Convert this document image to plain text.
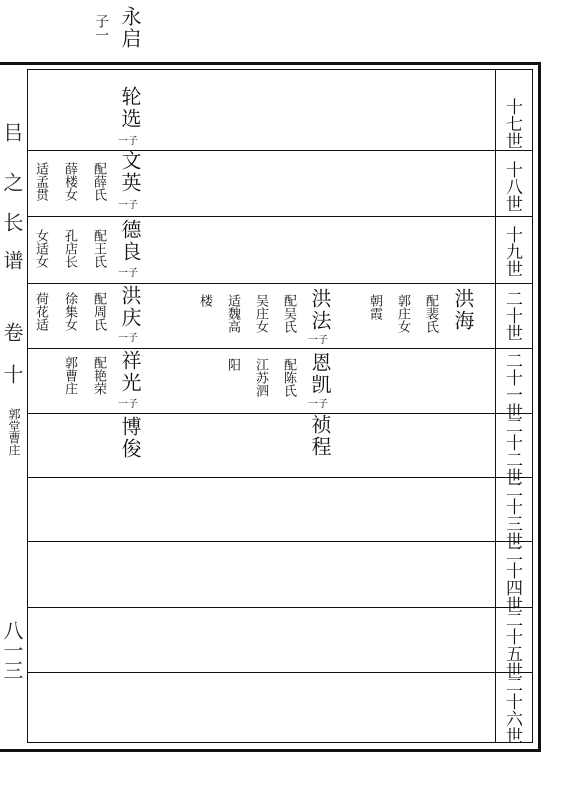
永启
子一
十七世
十八世
十九世
二十世
二十一世
二十二世
二十三世
二十四世
二十五世
二十六世
轮选
一子
文英
一子
德良
一子
洪庆
一子
祥光
一子
博俊
配薛氏
薛楼女
适孟贯
配王氏
孔店长
女适女
配周氏
徐集女
荷花适
配艳荣
郭曹庄
洪法
一子
恩凯
一子
祯程
配吴氏
吴庄女
适魏高
楼
配陈氏
江苏泗
阳
洪海
配裴氏
郭庄女
朝霞
㠯
之
长
谱
卷
十
郭堂曹庄
八一三
